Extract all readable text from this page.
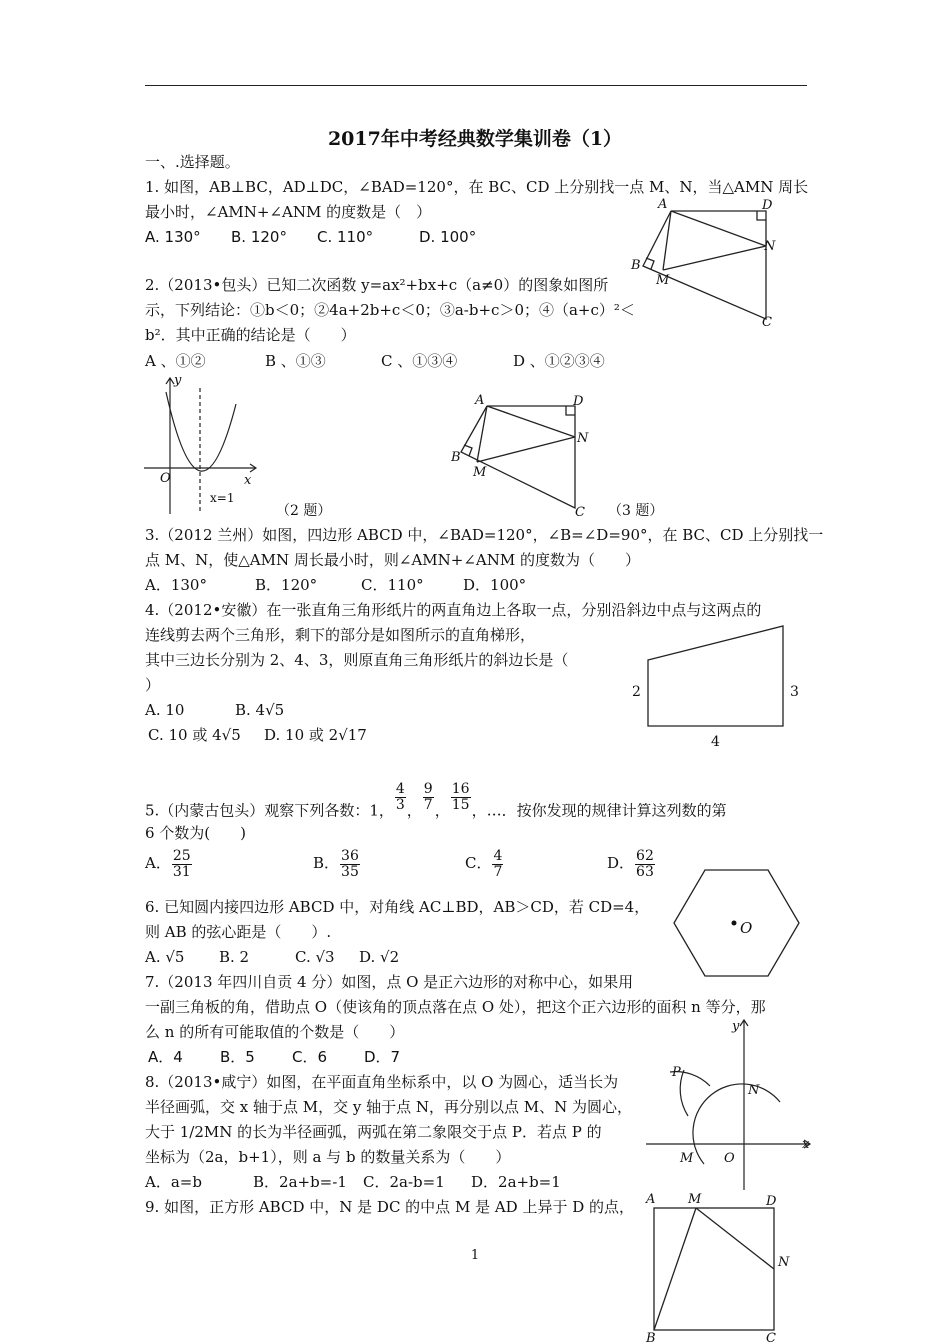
2017年中考经典数学集训卷（1）
一、.选择题。
1. 如图，AB⊥BC，AD⊥DC，∠BAD=120°，在 BC、CD 上分别找一点 M、N，当△AMN 周长
最小时，∠AMN+∠ANM 的度数是（　）
A. 130° B. 120° C. 110°	D. 100°
A	D
N
B
M
C
2.（2013•包头）已知二次函数 y=ax²+bx+c（a≠0）的图象如图所
示，下列结论：①b＜0；②4a+2b+c＜0；③a-b+c＞0；④（a+c）²＜
b²．其中正确的结论是（　　）
A 、①②	B 、①③	C 、①③④	D 、①②③④
y
x
O
x=1
（2 题）
A	D
N
B
M
C （3 题）
3.（2012 兰州）如图，四边形 ABCD 中，∠BAD=120°，∠B=∠D=90°，在 BC、CD 上分别找一
点 M、N，使△AMN 周长最小时，则∠AMN+∠ANM 的度数为（　　）
A．130°	B．120°	C．110°	D．100°
4.（2012•安徽）在一张直角三角形纸片的两直角边上各取一点，分别沿斜边中点与这两点的
连线剪去两个三角形，剩下的部分是如图所示的直角梯形，
其中三边长分别为 2、4、3，则原直角三角形纸片的斜边长是（
）
A. 10	B. 4√5
C. 10 或 4√5 D. 10 或 2√17
2	3
4
5.（内蒙古包头）观察下列各数：1， $\frac{4}{3}$ ， $\frac{9}{7}$ ， $\frac{16}{15}$ ，…．按你发现的规律计算这列数的第
6 个数为(　　)
A． $\frac{25}{31}$	B． $\frac{36}{35}$	C． $\frac{4}{7}$	D． $\frac{62}{63}$
O
6. 已知圆内接四边形 ABCD 中，对角线 AC⊥BD，AB＞CD，若 CD=4，
则 AB 的弦心距是（　　）.
A. √5 B. 2	C. √3 D. √2
7.（2013 年四川自贡 4 分）如图，点 O 是正六边形的对称中心，如果用
一副三角板的角，借助点 O（使该角的顶点落在点 O 处），把这个正六边形的面积 n 等分，那
么 n 的所有可能取值的个数是（　　）
A．4 B．5 C．6 D．7
8.（2013•咸宁）如图，在平面直角坐标系中，以 O 为圆心，适当长为
半径画弧，交 x 轴于点 M，交 y 轴于点 N，再分别以点 M、N 为圆心，
大于 1/2MN 的长为半径画弧，两弧在第二象限交于点 P．若点 P 的
坐标为（2a，b+1），则 a 与 b 的数量关系为（　　）
A．a=b	B．2a+b=-1 C．2a-b=1 D．2a+b=1
y
x
P
N
M O
9. 如图，正方形 ABCD 中，N 是 DC 的中点 M 是 AD 上异于 D 的点， A	M	D
N
B	C
1
